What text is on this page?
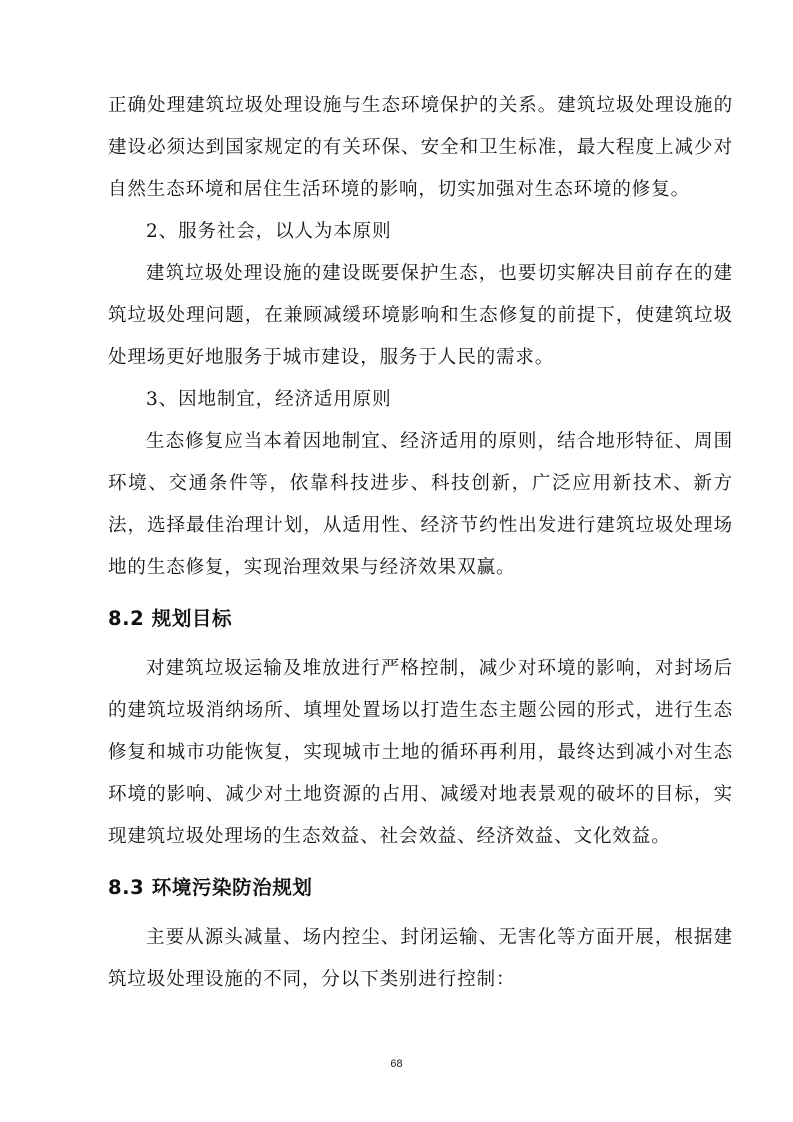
正确处理建筑垃圾处理设施与生态环境保护的关系。建筑垃圾处理设施的建设必须达到国家规定的有关环保、安全和卫生标准，最大程度上减少对自然生态环境和居住生活环境的影响，切实加强对生态环境的修复。

2、服务社会，以人为本原则

建筑垃圾处理设施的建设既要保护生态，也要切实解决目前存在的建筑垃圾处理问题，在兼顾减缓环境影响和生态修复的前提下，使建筑垃圾处理场更好地服务于城市建设，服务于人民的需求。

3、因地制宜，经济适用原则

生态修复应当本着因地制宜、经济适用的原则，结合地形特征、周围环境、交通条件等，依靠科技进步、科技创新，广泛应用新技术、新方法，选择最佳治理计划，从适用性、经济节约性出发进行建筑垃圾处理场地的生态修复，实现治理效果与经济效果双赢。

8.2 规划目标

对建筑垃圾运输及堆放进行严格控制，减少对环境的影响，对封场后的建筑垃圾消纳场所、填埋处置场以打造生态主题公园的形式，进行生态修复和城市功能恢复，实现城市土地的循环再利用，最终达到减小对生态环境的影响、减少对土地资源的占用、减缓对地表景观的破坏的目标，实现建筑垃圾处理场的生态效益、社会效益、经济效益、文化效益。

8.3 环境污染防治规划

主要从源头减量、场内控尘、封闭运输、无害化等方面开展，根据建筑垃圾处理设施的不同，分以下类别进行控制：

68
